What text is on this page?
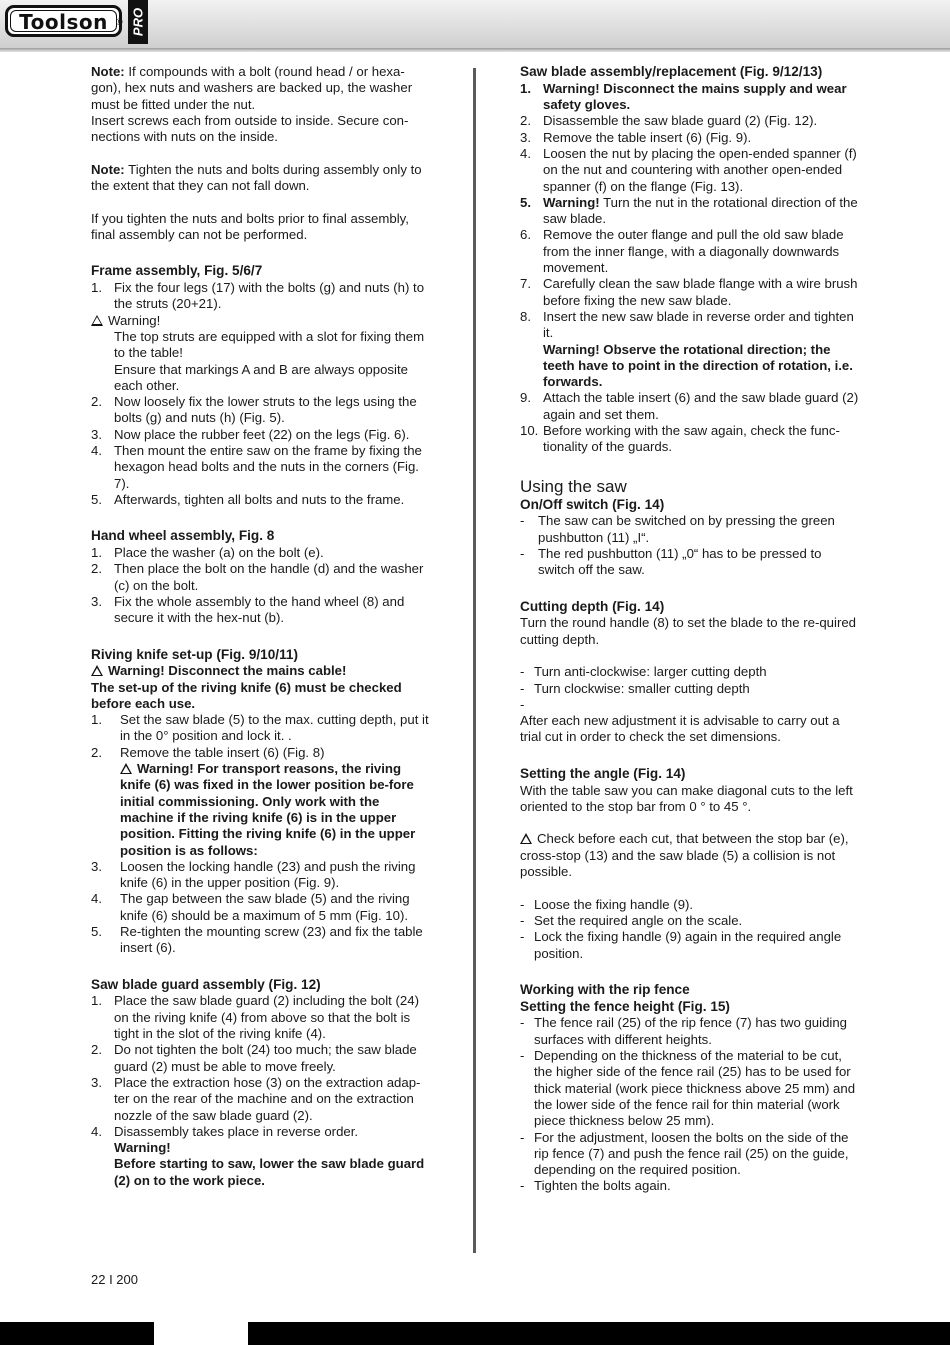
Toolson ® PRO

Note: If compounds with a bolt (round head / or hexa-gon), hex nuts and washers are backed up, the washer must be fitted under the nut.

Insert screws each from outside to inside. Secure con-nections with nuts on the inside.

Note: Tighten the nuts and bolts during assembly only to the extent that they can not fall down.

If you tighten the nuts and bolts prior to final assembly, final assembly can not be performed.

Frame assembly, Fig. 5/6/7
1. Fix the four legs (17) with the bolts (g) and nuts (h) to the struts (20+21).
Warning!

The top struts are equipped with a slot for fixing them to the table!

Ensure that markings A and B are always opposite each other.

2. Now loosely fix the lower struts to the legs using the bolts (g) and nuts (h) (Fig. 5).
3. Now place the rubber feet (22) on the legs (Fig. 6).
4. Then mount the entire saw on the frame by fixing the hexagon head bolts and the nuts in the corners (Fig. 7).
5. Afterwards, tighten all bolts and nuts to the frame.
Hand wheel assembly, Fig. 8
1. Place the washer (a) on the bolt (e).
2. Then place the bolt on the handle (d) and the washer (c) on the bolt.
3. Fix the whole assembly to the hand wheel (8) and secure it with the hex-nut (b).
Riving knife set-up (Fig. 9/10/11)

Warning! Disconnect the mains cable!

The set-up of the riving knife (6) must be checked before each use.

1.	Set the saw blade (5) to the max. cutting depth, put it in the 0° position and lock it. .
2.	Remove the table insert (6) (Fig. 8)

Warning! For transport reasons, the riving knife (6) was fixed in the lower position be-fore initial commissioning. Only work with the machine if the riving knife (6) is in the upper position. Fitting the riving knife (6) in the upper position is as follows:

3.	Loosen the locking handle (23) and push the riving knife (6) in the upper position (Fig. 9).
4.	The gap between the saw blade (5) and the riving knife (6) should be a maximum of 5 mm (Fig. 10).
5.	Re-tighten the mounting screw (23) and fix the table insert (6).
Saw blade guard assembly (Fig. 12)
1. Place the saw blade guard (2) including the bolt (24) on the riving knife (4) from above so that the bolt is tight in the slot of the riving knife (4).
2. Do not tighten the bolt (24) too much; the saw blade guard (2) must be able to move freely.
3. Place the extraction hose (3) on the extraction adap-ter on the rear of the machine and on the extraction nozzle of the saw blade guard (2).
4. Disassembly takes place in reverse order.

Warning!

Before starting to saw, lower the saw blade guard (2) on to the work piece.

Saw blade assembly/replacement (Fig. 9/12/13)
1. Warning! Disconnect the mains supply and wear safety gloves.
2. Disassemble the saw blade guard (2) (Fig. 12).
3. Remove the table insert (6) (Fig. 9).
4. Loosen the nut by placing the open-ended spanner (f) on the nut and countering with another open-ended spanner (f) on the flange (Fig. 13).
5. Warning! Turn the nut in the rotational direction of the saw blade.
6. Remove the outer flange and pull the old saw blade from the inner flange, with a diagonally downwards movement.
7. Carefully clean the saw blade flange with a wire brush before fixing the new saw blade.
8. Insert the new saw blade in reverse order and tighten it.

Warning! Observe the rotational direction; the teeth have to point in the direction of rotation, i.e. forwards.

9. Attach the table insert (6) and the saw blade guard (2) again and set them.
10. Before working with the saw again, check the func-tionality of the guards.
Using the saw
On/Off switch (Fig. 14)
-	The saw can be switched on by pressing the green pushbutton (11) „I“.
-	The red pushbutton (11) „0“ has to be pressed to switch off the saw.
Cutting depth (Fig. 14)

Turn the round handle (8) to set the blade to the re-quired cutting depth.

- Turn anti-clockwise: larger cutting depth
- Turn clockwise: smaller cutting depth
-

After each new adjustment it is advisable to carry out a trial cut in order to check the set dimensions.

Setting the angle (Fig. 14)

With the table saw you can make diagonal cuts to the left oriented to the stop bar from 0 ° to 45 °.

Check before each cut, that between the stop bar (e), cross-stop (13) and the saw blade (5) a collision is not possible.

- Loose the fixing handle (9).
- Set the required angle on the scale.
- Lock the fixing handle (9) again in the required angle position.
Working with the rip fence
Setting the fence height (Fig. 15)
- The fence rail (25) of the rip fence (7) has two guiding surfaces with different heights.
- Depending on the thickness of the material to be cut, the higher side of the fence rail (25) has to be used for thick material (work piece thickness above 25 mm) and the lower side of the fence rail for thin material (work piece thickness below 25 mm).
- For the adjustment, loosen the bolts on the side of the rip fence (7) and push the fence rail (25) on the guide, depending on the required position.
- Tighten the bolts again.
22 I 200
